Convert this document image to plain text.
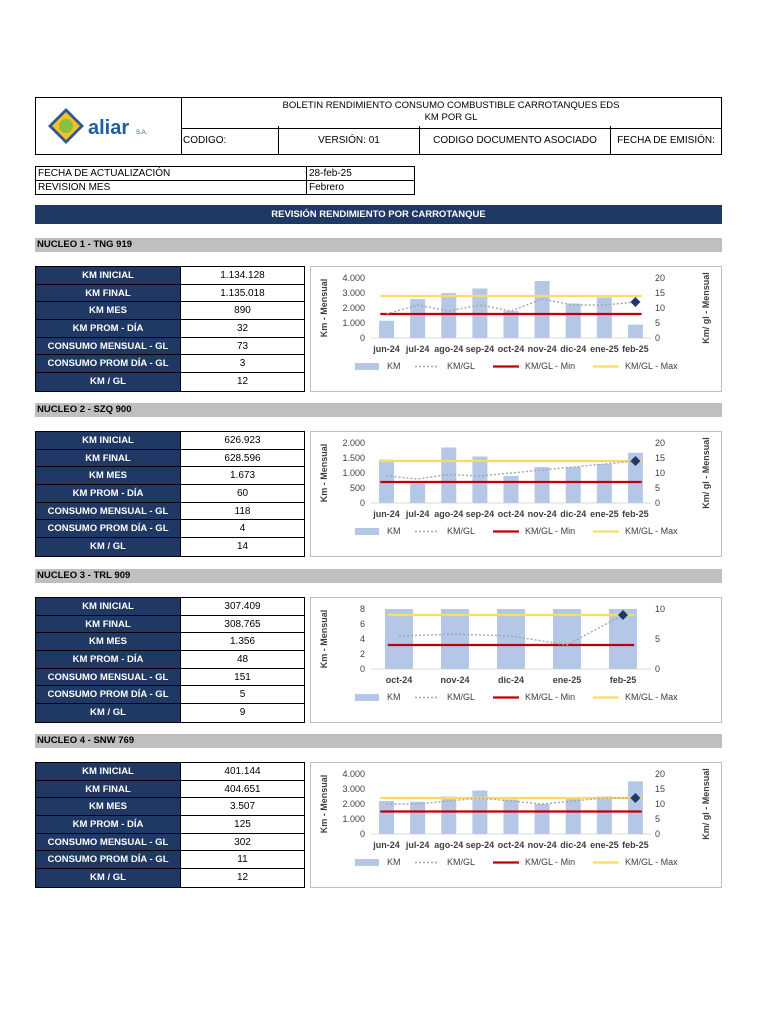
aliar S.A.
BOLETIN RENDIMIENTO CONSUMO COMBUSTIBLE CARROTANQUES EDS
KM POR GL
CODIGO:	VERSIÓN: 01	CODIGO DOCUMENTO ASOCIADO	FECHA DE EMISIÓN:
FECHA DE ACTUALIZACIÓN	28-feb-25
REVISION MES	Febrero
REVISIÓN RENDIMIENTO POR CARROTANQUE
NUCLEO 1 - TNG 919
KM INICIAL	1.134.128
KM FINAL	1.135.018
KM MES	890
KM PROM - DÍA	32
CONSUMO MENSUAL - GL	73
CONSUMO PROM DÍA - GL	3
KM / GL	12
Km - Mensual	Km/ gl - Mensual
4.000
3.000
2.000
1.000
0
20
15
10
5
0
jun-24 jul-24 ago-24 sep-24 oct-24 nov-24 dic-24 ene-25 feb-25
KM	KM/GL	KM/GL - Min	KM/GL - Max
NUCLEO 2 - SZQ 900
KM INICIAL	626.923
KM FINAL	628.596
KM MES	1.673
KM PROM - DÍA	60
CONSUMO MENSUAL - GL	118
CONSUMO PROM DÍA - GL	4
KM / GL	14
Km - Mensual	Km/ gl - Mensual
2.000
1.500
1.000
500
0
20
15
10
5
0
jun-24 jul-24 ago-24 sep-24 oct-24 nov-24 dic-24 ene-25 feb-25
KM	KM/GL	KM/GL - Min	KM/GL - Max
NUCLEO 3 - TRL 909
KM INICIAL	307.409
KM FINAL	308.765
KM MES	1.356
KM PROM - DÍA	48
CONSUMO MENSUAL - GL	151
CONSUMO PROM DÍA - GL	5
KM / GL	9
Km - Mensual
8
6
4
2
0
10
5
0
oct-24	nov-24	dic-24	ene-25	feb-25
KM	KM/GL	KM/GL - Min	KM/GL - Max
NUCLEO 4 - SNW 769
KM INICIAL	401.144
KM FINAL	404.651
KM MES	3.507
KM PROM - DÍA	125
CONSUMO MENSUAL - GL	302
CONSUMO PROM DÍA - GL	11
KM / GL	12
Km - Mensual	Km/ gl - Mensual
4.000
3.000
2.000
1.000
0
20
15
10
5
0
jun-24 jul-24 ago-24 sep-24 oct-24 nov-24 dic-24 ene-25 feb-25
KM	KM/GL	KM/GL - Min	KM/GL - Max
